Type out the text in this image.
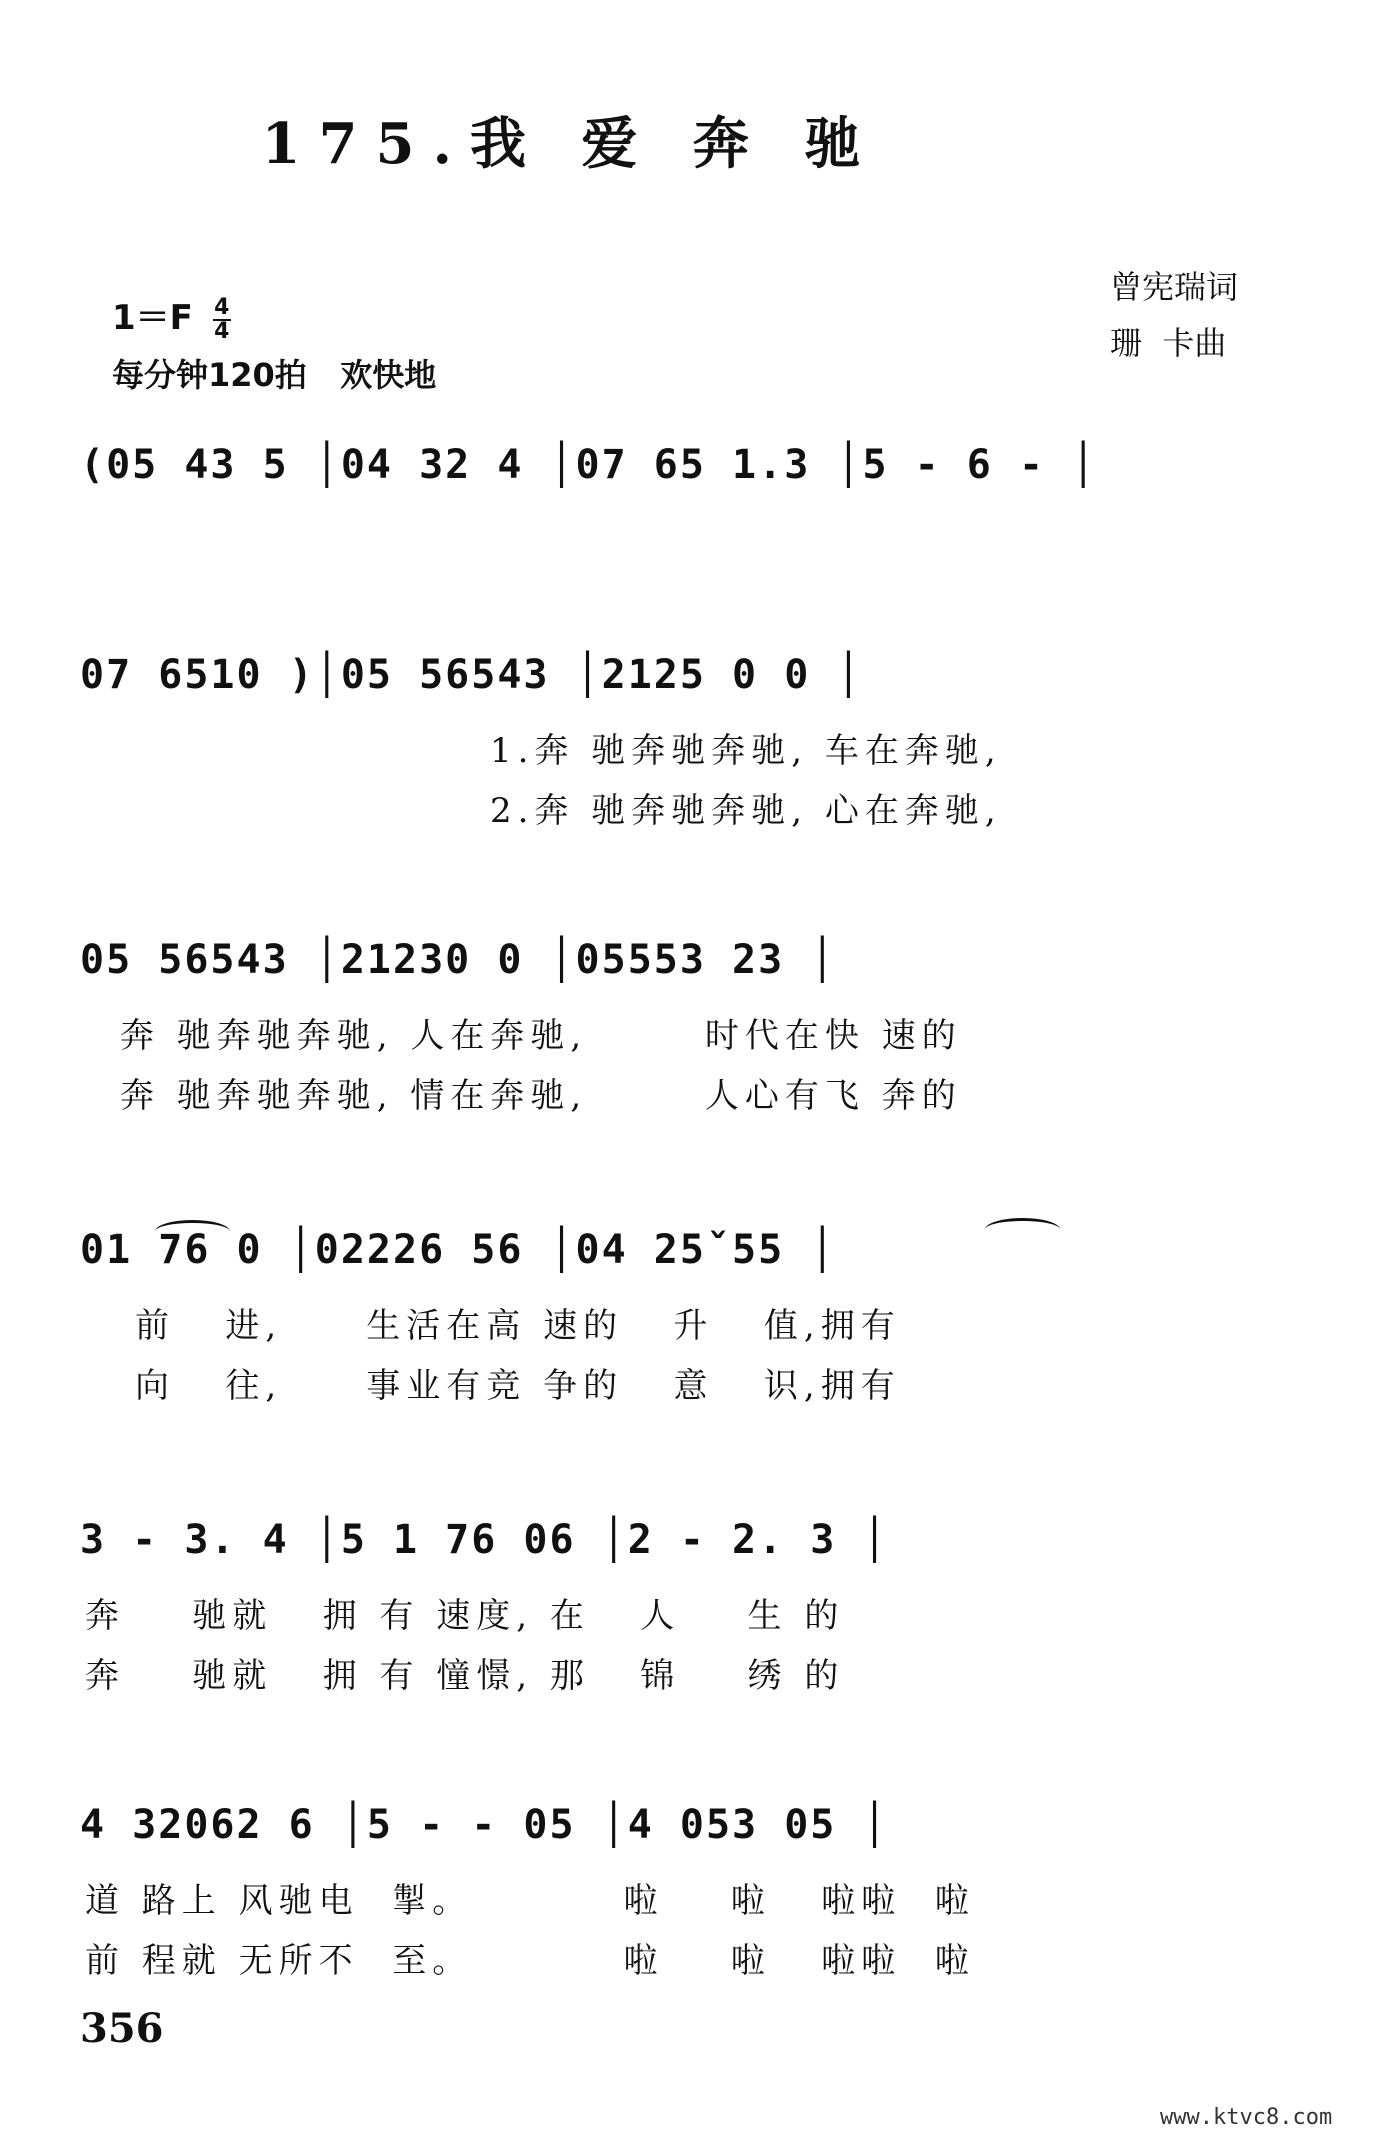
175.我 爱 奔 驰
$1=F \frac{4}{4}$
每分钟120拍   欢快地
曾宪瑞词
珊  卡曲
(05 43 5 │04 32 4 │07 65 1.3 │5 - 6 - │
07 6510 )│05 56543 │2125 0 0 │
1.奔 驰奔驰奔驰, 车在奔驰,
2.奔 驰奔驰奔驰, 心在奔驰,
05 56543 │21230 0 │05553 23 │
奔 驰奔驰奔驰, 人在奔驰,       时代在快 速的
奔 驰奔驰奔驰, 情在奔驰,       人心有飞 奔的
01 76 0 │02226 56 │04 25ˇ55 │
前   进,     生活在高 速的   升   值,拥有
向   往,     事业有竞 争的   意   识,拥有
3 - 3. 4 │5 1 76 06 │2 - 2. 3 │
奔    驰就   拥 有 速度, 在   人    生 的
奔    驰就   拥 有 憧憬, 那   锦    绣 的
4 32062 6 │5 - - 05 │4 053 05 │
道 路上 风驰电  掣。         啦    啦   啦啦  啦
前 程就 无所不  至。         啦    啦   啦啦  啦
356
www.ktvc8.com
